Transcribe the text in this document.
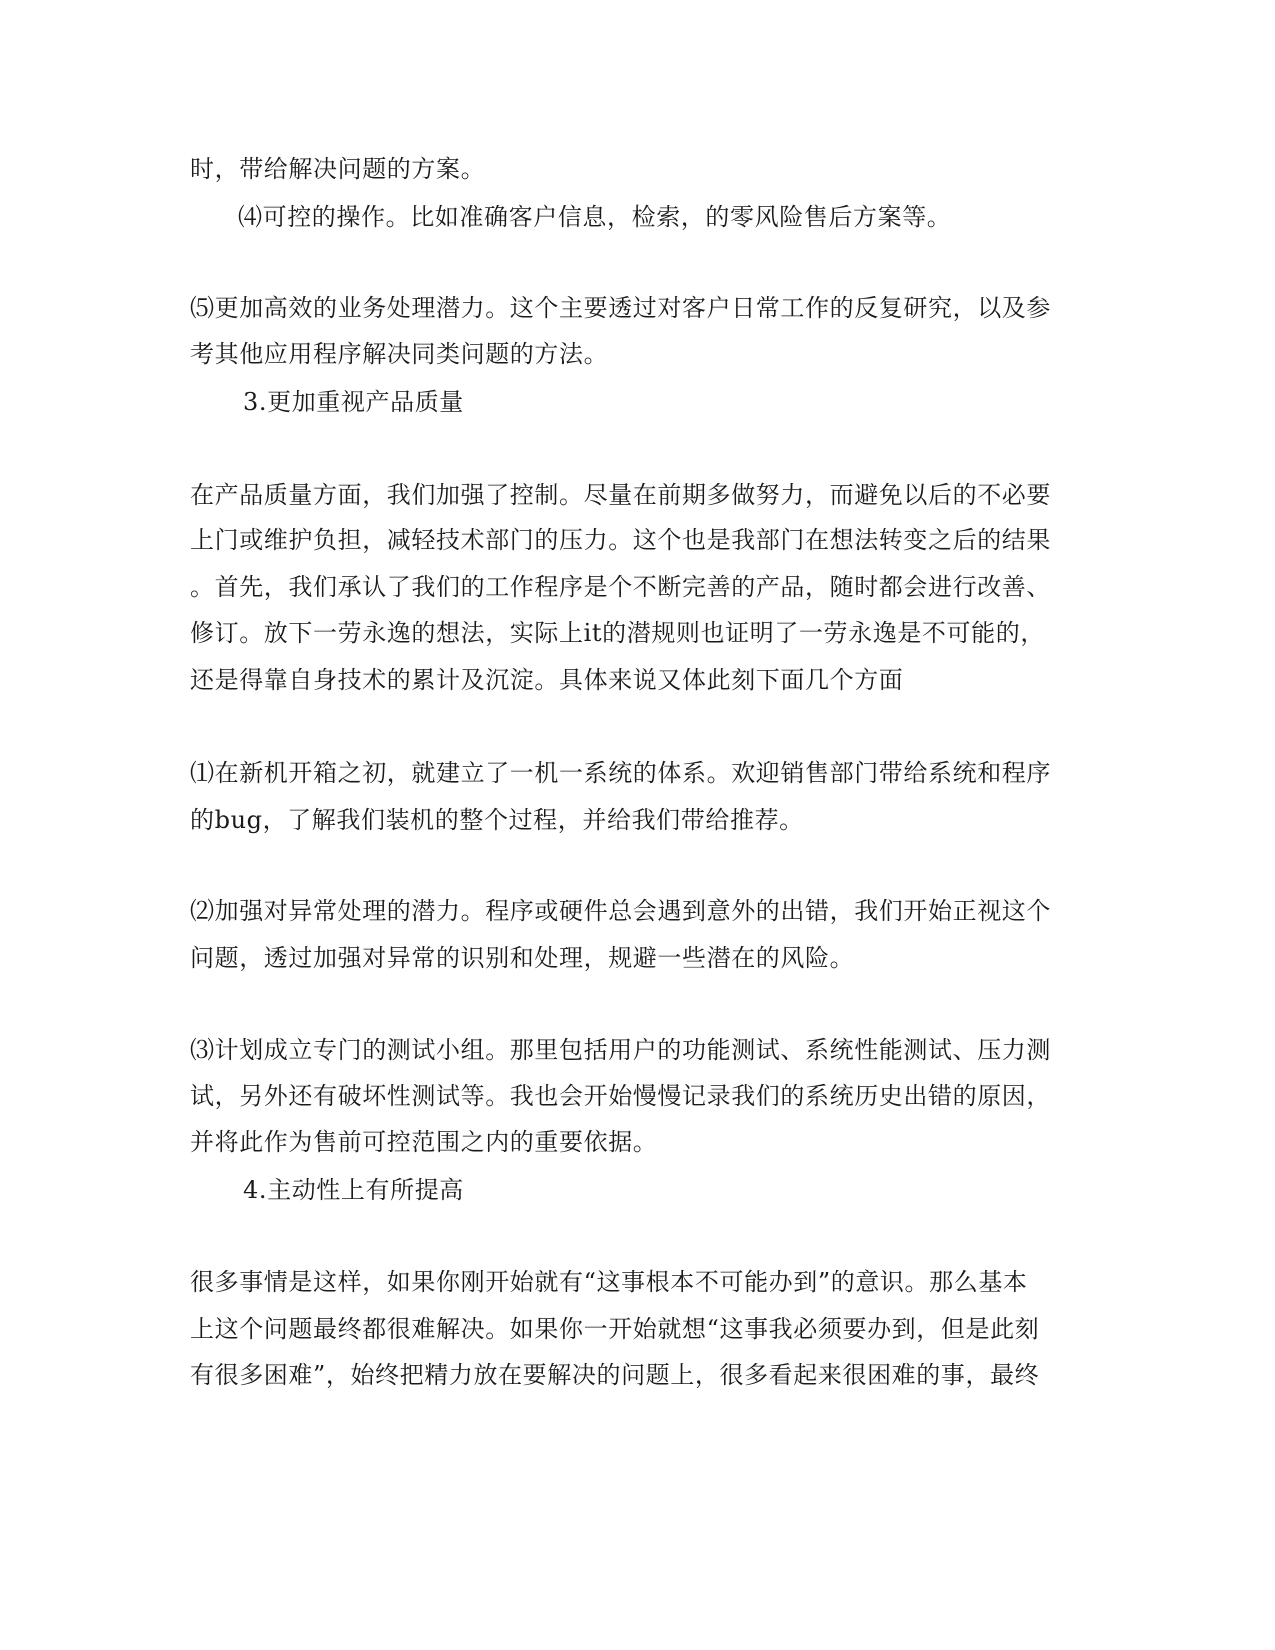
时，带给解决问题的方案。
⑷可控的操作。比如准确客户信息，检索，的零风险售后方案等。
⑸更加高效的业务处理潜力。这个主要透过对客户日常工作的反复研究，以及参
考其他应用程序解决同类问题的方法。
3.更加重视产品质量
在产品质量方面，我们加强了控制。尽量在前期多做努力，而避免以后的不必要
上门或维护负担，减轻技术部门的压力。这个也是我部门在想法转变之后的结果
。首先，我们承认了我们的工作程序是个不断完善的产品，随时都会进行改善、
修订。放下一劳永逸的想法，实际上it的潜规则也证明了一劳永逸是不可能的，
还是得靠自身技术的累计及沉淀。具体来说又体此刻下面几个方面
⑴在新机开箱之初，就建立了一机一系统的体系。欢迎销售部门带给系统和程序
的bug，了解我们装机的整个过程，并给我们带给推荐。
⑵加强对异常处理的潜力。程序或硬件总会遇到意外的出错，我们开始正视这个
问题，透过加强对异常的识别和处理，规避一些潜在的风险。
⑶计划成立专门的测试小组。那里包括用户的功能测试、系统性能测试、压力测
试，另外还有破坏性测试等。我也会开始慢慢记录我们的系统历史出错的原因，
并将此作为售前可控范围之内的重要依据。
4.主动性上有所提高
很多事情是这样，如果你刚开始就有“这事根本不可能办到”的意识。那么基本
上这个问题最终都很难解决。如果你一开始就想“这事我必须要办到，但是此刻
有很多困难”，始终把精力放在要解决的问题上，很多看起来很困难的事，最终
